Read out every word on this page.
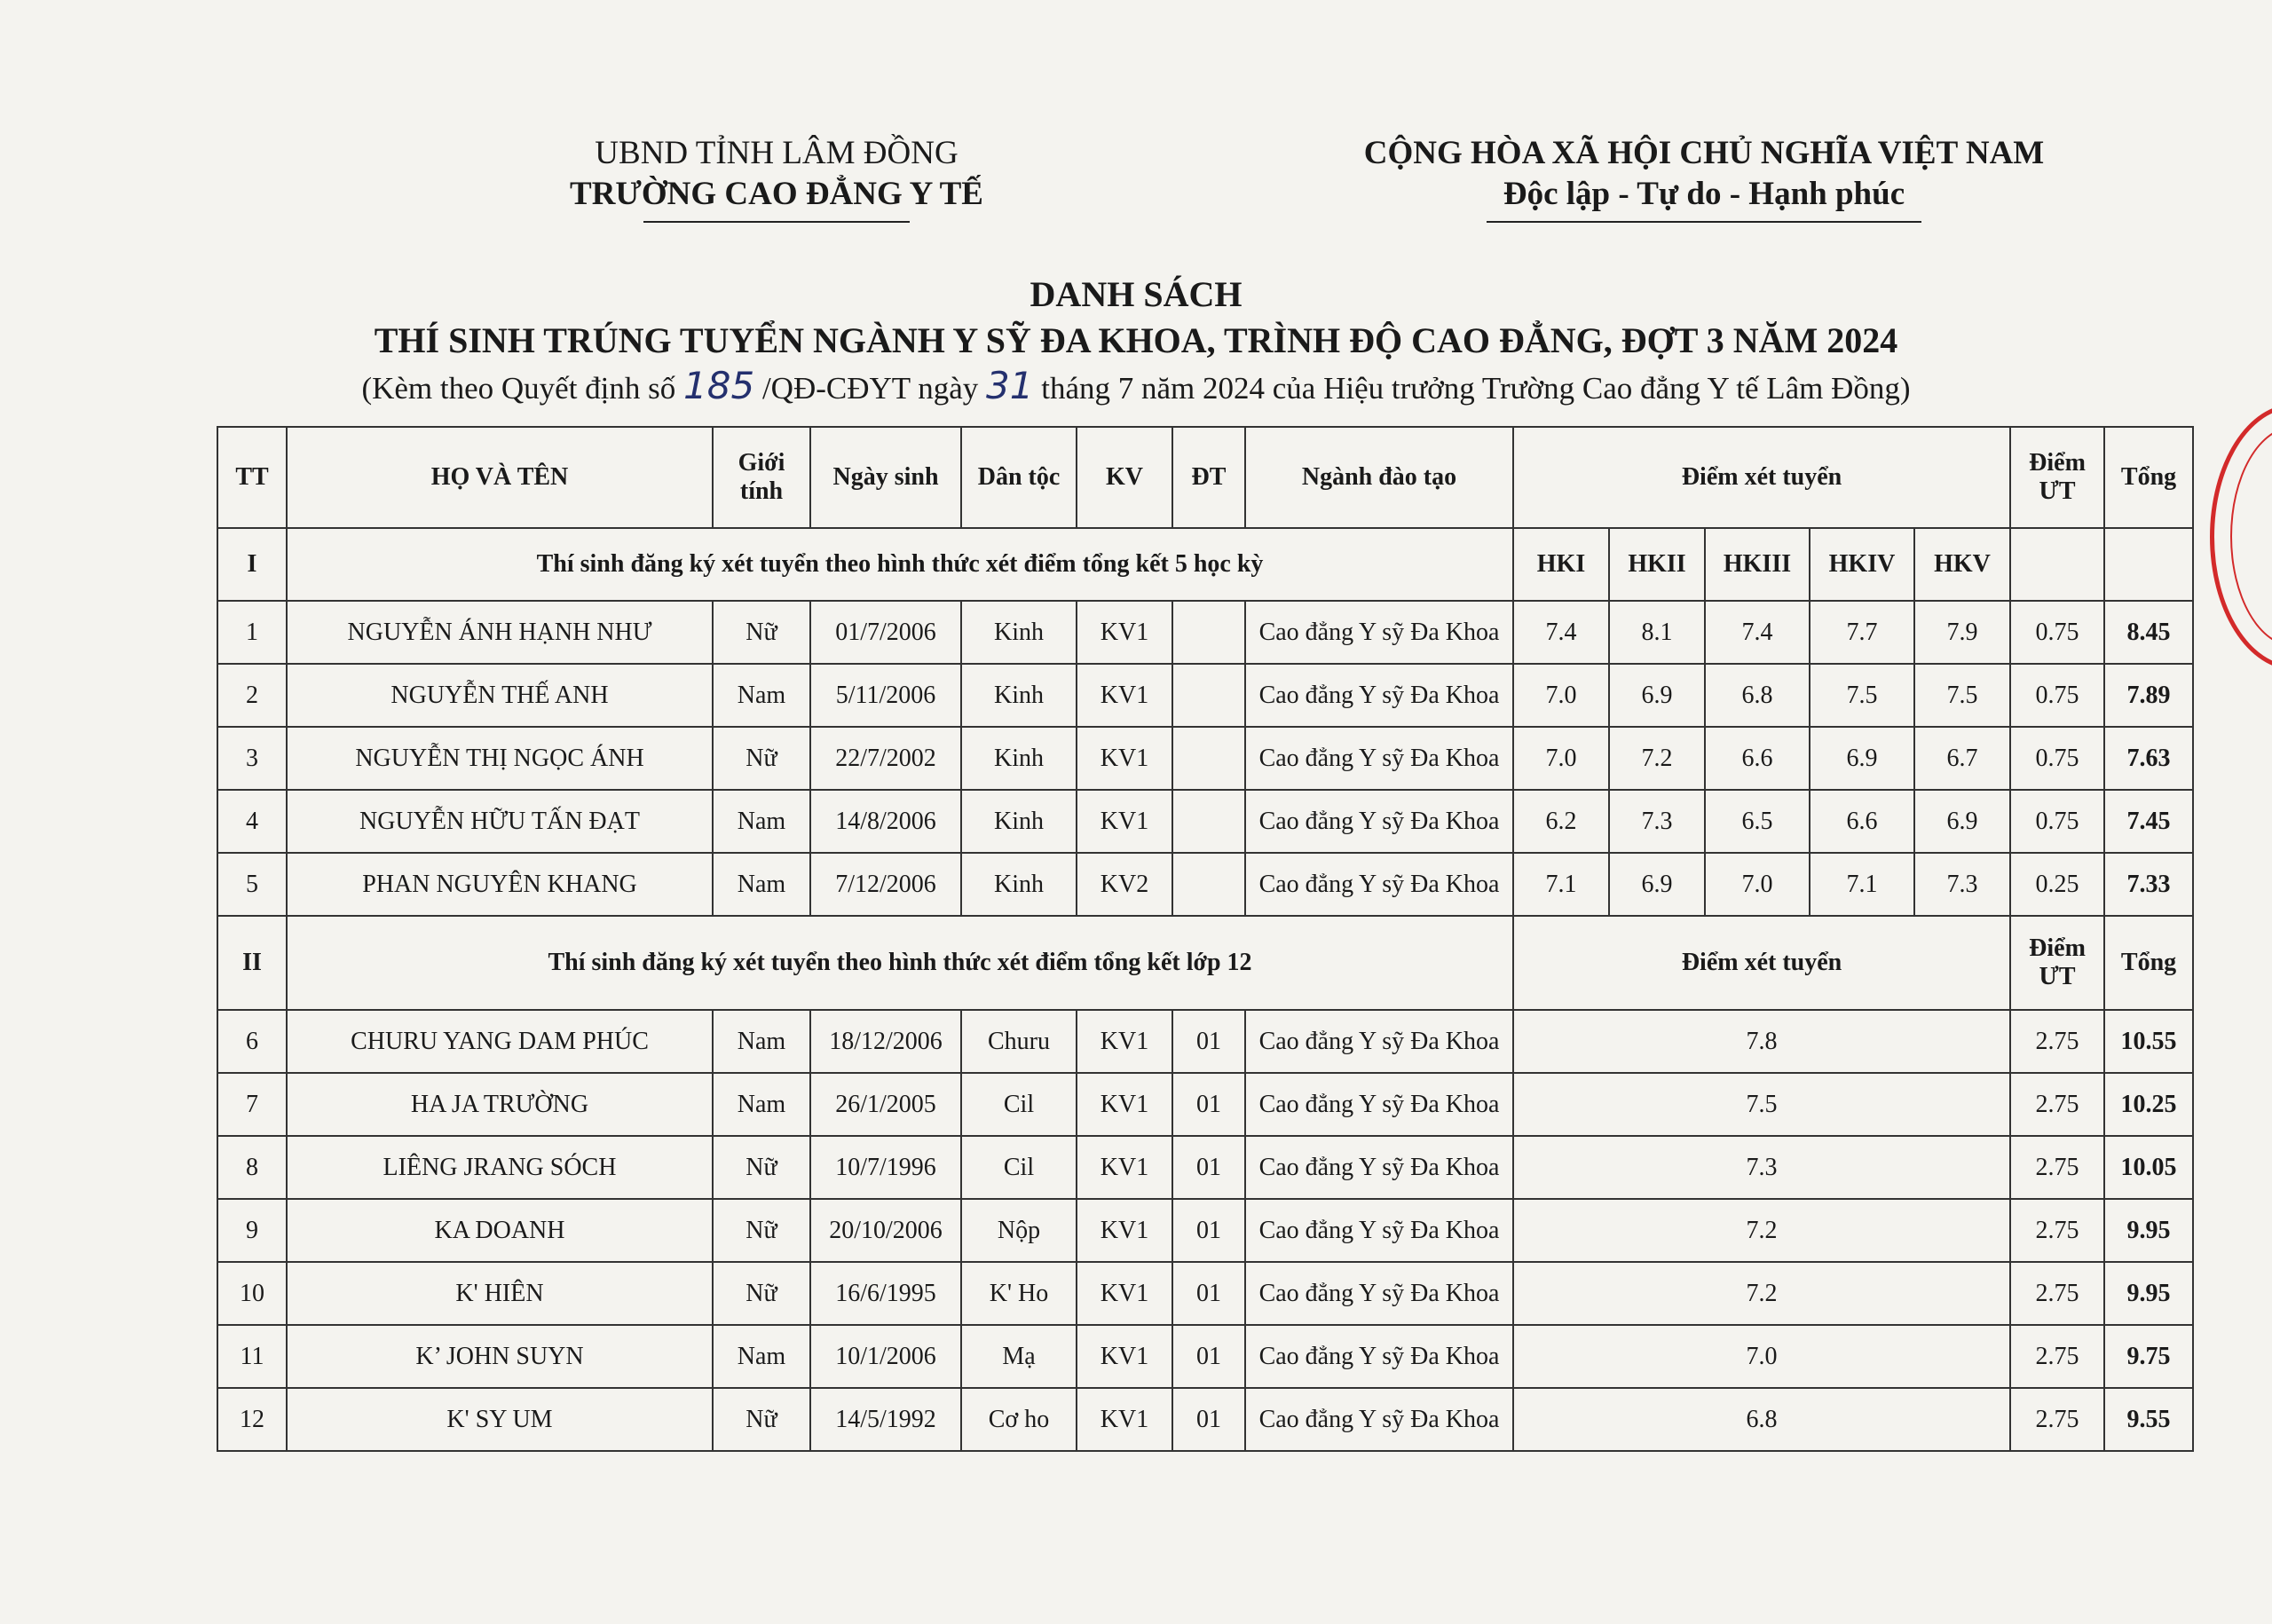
UBND TỈNH LÂM ĐỒNG
TRƯỜNG CAO ĐẲNG Y TẾ
CỘNG HÒA XÃ HỘI CHỦ NGHĨA VIỆT NAM
Độc lập - Tự do - Hạnh phúc
DANH SÁCH
THÍ SINH TRÚNG TUYỂN NGÀNH Y SỸ ĐA KHOA, TRÌNH ĐỘ CAO ĐẲNG, ĐỢT 3 NĂM 2024
(Kèm theo Quyết định số 185 /QĐ-CĐYT ngày 31 tháng 7 năm 2024 của Hiệu trưởng Trường Cao đẳng Y tế Lâm Đồng)
TT	HỌ VÀ TÊN	Giới tính	Ngày sinh	Dân tộc	KV	ĐT	Ngành đào tạo	Điểm xét tuyển					Điểm ƯT	Tổng
I	Thí sinh đăng ký xét tuyển theo hình thức xét điểm tổng kết 5 học kỳ							HKI	HKII	HKIII	HKIV	HKV		
1	NGUYỄN ÁNH HẠNH NHƯ	Nữ	01/7/2006	Kinh	KV1		Cao đẳng Y sỹ Đa Khoa	7.4	8.1	7.4	7.7	7.9	0.75	8.45
2	NGUYỄN THẾ ANH	Nam	5/11/2006	Kinh	KV1		Cao đẳng Y sỹ Đa Khoa	7.0	6.9	6.8	7.5	7.5	0.75	7.89
3	NGUYỄN THỊ NGỌC ÁNH	Nữ	22/7/2002	Kinh	KV1		Cao đẳng Y sỹ Đa Khoa	7.0	7.2	6.6	6.9	6.7	0.75	7.63
4	NGUYỄN HỮU TẤN ĐẠT	Nam	14/8/2006	Kinh	KV1		Cao đẳng Y sỹ Đa Khoa	6.2	7.3	6.5	6.6	6.9	0.75	7.45
5	PHAN NGUYÊN KHANG	Nam	7/12/2006	Kinh	KV2		Cao đẳng Y sỹ Đa Khoa	7.1	6.9	7.0	7.1	7.3	0.25	7.33
II	Thí sinh đăng ký xét tuyển theo hình thức xét điểm tổng kết lớp 12							Điểm xét tuyển					Điểm ƯT	Tổng
6	CHURU YANG DAM PHÚC	Nam	18/12/2006	Churu	KV1	01	Cao đẳng Y sỹ Đa Khoa	7.8					2.75	10.55
7	HA JA TRƯỜNG	Nam	26/1/2005	Cil	KV1	01	Cao đẳng Y sỹ Đa Khoa	7.5					2.75	10.25
8	LIÊNG JRANG SÓCH	Nữ	10/7/1996	Cil	KV1	01	Cao đẳng Y sỹ Đa Khoa	7.3					2.75	10.05
9	KA DOANH	Nữ	20/10/2006	Nộp	KV1	01	Cao đẳng Y sỹ Đa Khoa	7.2					2.75	9.95
10	K' HIÊN	Nữ	16/6/1995	K' Ho	KV1	01	Cao đẳng Y sỹ Đa Khoa	7.2					2.75	9.95
11	K’ JOHN SUYN	Nam	10/1/2006	Mạ	KV1	01	Cao đẳng Y sỹ Đa Khoa	7.0					2.75	9.75
12	K' SY UM	Nữ	14/5/1992	Cơ ho	KV1	01	Cao đẳng Y sỹ Đa Khoa	6.8					2.75	9.55
